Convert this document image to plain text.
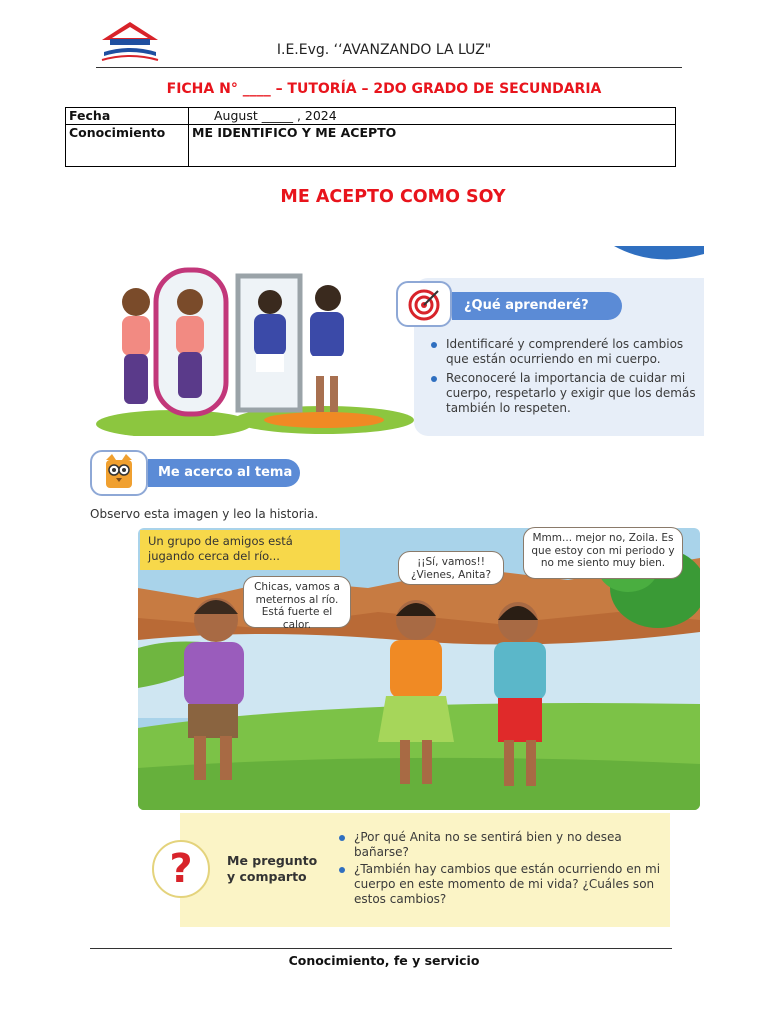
I.E.Evg. ‘‘AVANZANDO LA LUZ"
FICHA N° ____ – TUTORÍA – 2DO GRADO DE SECUNDARIA
Fecha	August _____ , 2024
Conocimiento	ME IDENTIFICO Y ME ACEPTO
ME ACEPTO COMO SOY
¿Qué aprenderé?
Identificaré y comprenderé los cambios que están ocurriendo en mi cuerpo.
Reconoceré la importancia de cuidar mi cuerpo, respetarlo y exigir que los demás también lo respeten.
Me acerco al tema
Observo esta imagen y leo la historia.
Un grupo de amigos está jugando cerca del río...
Chicas, vamos a meternos al río. Está fuerte el calor.
¡¡Sí, vamos!! ¿Vienes, Anita?
Mmm... mejor no, Zoila. Es que estoy con mi periodo y no me siento muy bien.
?	Me pregunto y comparto
¿Por qué Anita no se sentirá bien y no desea bañarse?
¿También hay cambios que están ocurriendo en mi cuerpo en este momento de mi vida? ¿Cuáles son estos cambios?
Conocimiento, fe y servicio
